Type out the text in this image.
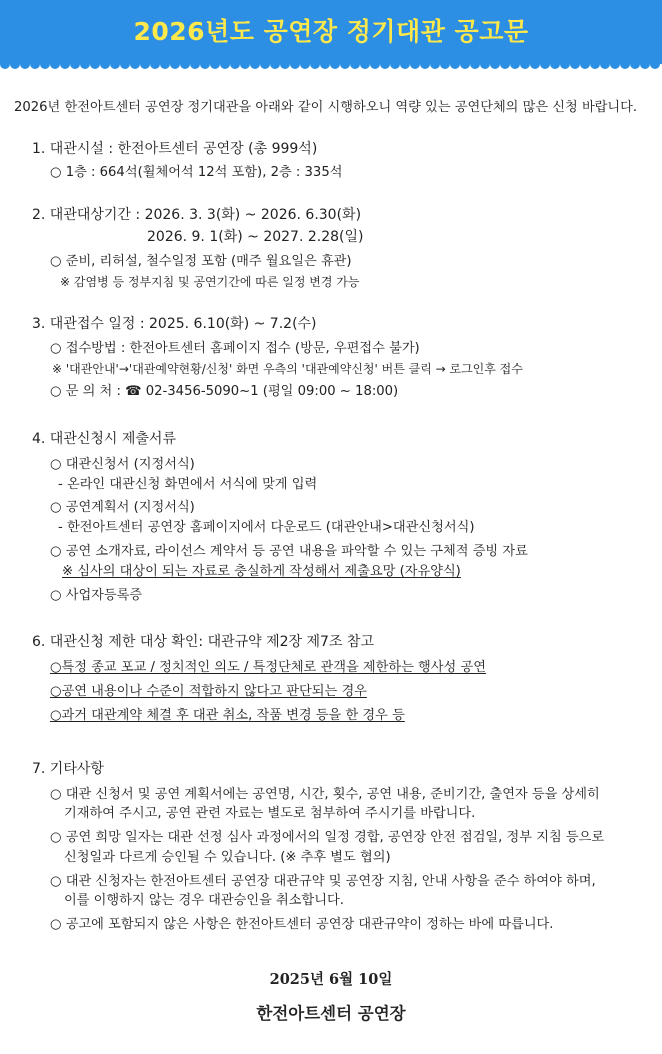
2026년도 공연장 정기대관 공고문
2026년 한전아트센터 공연장 정기대관을 아래와 같이 시행하오니 역량 있는 공연단체의 많은 신청 바랍니다.
1. 대관시설 : 한전아트센터 공연장 (총 999석)
○ 1층 : 664석(휠체어석 12석 포함), 2층 : 335석
2. 대관대상기간 : 2026. 3. 3(화) ~ 2026. 6.30(화)
2026. 9. 1(화) ~ 2027. 2.28(일)
○ 준비, 리허설, 철수일정 포함 (매주 월요일은 휴관)
※ 감염병 등 정부지침 및 공연기간에 따른 일정 변경 가능
3. 대관접수 일정 : 2025. 6.10(화) ~ 7.2(수)
○ 접수방법 : 한전아트센터 홈페이지 접수 (방문, 우편접수 불가)
※ '대관안내'→'대관예약현황/신청' 화면 우측의 '대관예약신청' 버튼 클릭 → 로그인후 접수
○ 문 의 처 : ☎ 02-3456-5090~1 (평일 09:00 ~ 18:00)
4. 대관신청시 제출서류
○ 대관신청서 (지정서식)
- 온라인 대관신청 화면에서 서식에 맞게 입력
○ 공연계획서 (지정서식)
- 한전아트센터 공연장 홈페이지에서 다운로드 (대관안내>대관신청서식)
○ 공연 소개자료, 라이선스 계약서 등 공연 내용을 파악할 수 있는 구체적 증빙 자료
※ 심사의 대상이 되는 자료로 충실하게 작성해서 제출요망 (자유양식)
○ 사업자등록증
6. 대관신청 제한 대상 확인: 대관규약 제2장 제7조 참고
○특정 종교 포교 / 정치적인 의도 / 특정단체로 관객을 제한하는 행사성 공연
○공연 내용이나 수준이 적합하지 않다고 판단되는 경우
○과거 대관계약 체결 후 대관 취소, 작품 변경 등을 한 경우 등
7. 기타사항
○ 대관 신청서 및 공연 계획서에는 공연명, 시간, 횟수, 공연 내용, 준비기간, 출연자 등을 상세히
기재하여 주시고, 공연 관련 자료는 별도로 첨부하여 주시기를 바랍니다.
○ 공연 희망 일자는 대관 선정 심사 과정에서의 일정 경합, 공연장 안전 점검일, 정부 지침 등으로
신청일과 다르게 승인될 수 있습니다. (※ 추후 별도 협의)
○ 대관 신청자는 한전아트센터 공연장 대관규약 및 공연장 지침, 안내 사항을 준수 하여야 하며,
이를 이행하지 않는 경우 대관승인을 취소합니다.
○ 공고에 포함되지 않은 사항은 한전아트센터 공연장 대관규약이 정하는 바에 따릅니다.
2025년 6월 10일
한전아트센터 공연장
